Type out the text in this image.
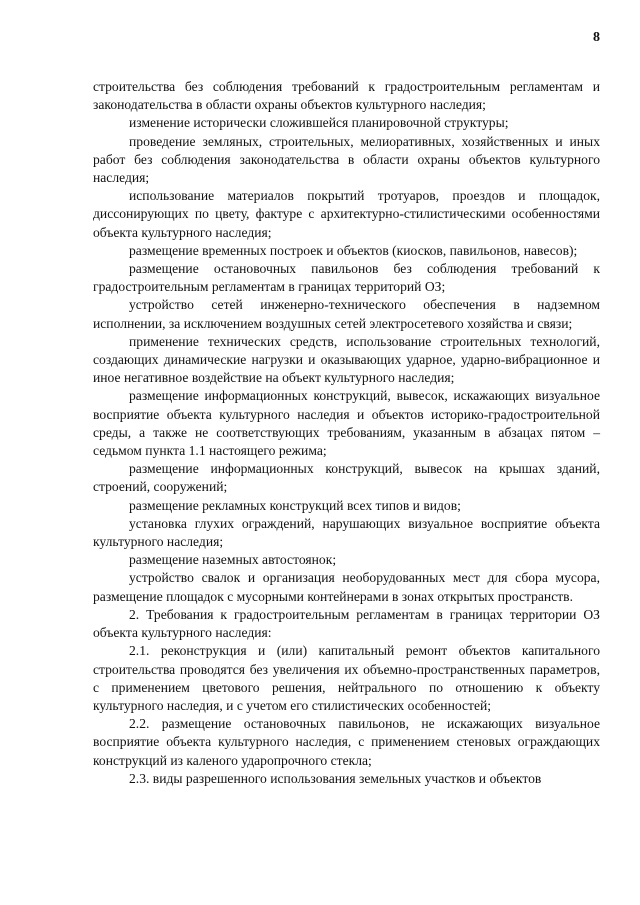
8

строительства без соблюдения требований к градостроительным регламентам и законодательства в области охраны объектов культурного наследия;

изменение исторически сложившейся планировочной структуры;

проведение земляных, строительных, мелиоративных, хозяйственных и иных работ без соблюдения законодательства в области охраны объектов культурного наследия;

использование материалов покрытий тротуаров, проездов и площадок, диссонирующих по цвету, фактуре с архитектурно-стилистическими особенностями объекта культурного наследия;

размещение временных построек и объектов (киосков, павильонов, навесов);

размещение остановочных павильонов без соблюдения требований к градостроительным регламентам в границах территорий ОЗ;

устройство сетей инженерно-технического обеспечения в надземном исполнении, за исключением воздушных сетей электросетевого хозяйства и связи;

применение технических средств, использование строительных технологий, создающих динамические нагрузки и оказывающих ударное, ударно-вибрационное и иное негативное воздействие на объект культурного наследия;

размещение информационных конструкций, вывесок, искажающих визуальное восприятие объекта культурного наследия и объектов историко-градостроительной среды, а также не соответствующих требованиям, указанным в абзацах пятом – седьмом пункта 1.1 настоящего режима;

размещение информационных конструкций, вывесок на крышах зданий, строений, сооружений;

размещение рекламных конструкций всех типов и видов;

установка глухих ограждений, нарушающих визуальное восприятие объекта культурного наследия;

размещение наземных автостоянок;

устройство свалок и организация необорудованных мест для сбора мусора, размещение площадок с мусорными контейнерами в зонах открытых пространств.

2. Требования к градостроительным регламентам в границах территории ОЗ объекта культурного наследия:

2.1. реконструкция и (или) капитальный ремонт объектов капитального строительства проводятся без увеличения их объемно-пространственных параметров, с применением цветового решения, нейтрального по отношению к объекту культурного наследия, и с учетом его стилистических особенностей;

2.2. размещение остановочных павильонов, не искажающих визуальное восприятие объекта культурного наследия, с применением стеновых ограждающих конструкций из каленого ударопрочного стекла;

2.3. виды разрешенного использования земельных участков и объектов
